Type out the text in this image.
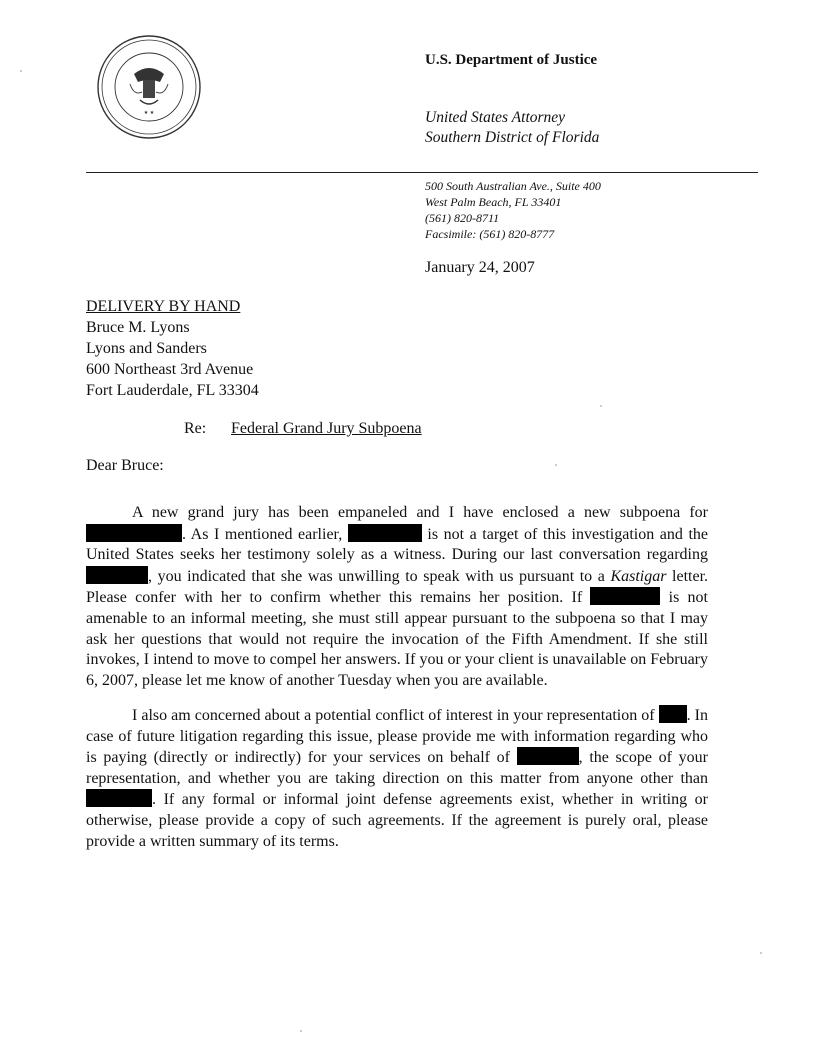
★ ★
U.S. Department of Justice
United States Attorney
Southern District of Florida
500 South Australian Ave., Suite 400
West Palm Beach, FL 33401
(561) 820-8711
Facsimile: (561) 820-8777
January 24, 2007
DELIVERY BY HAND
Bruce M. Lyons
Lyons and Sanders
600 Northeast 3rd Avenue
Fort Lauderdale, FL 33304
Re: Federal Grand Jury Subpoena
Dear Bruce:
A new grand jury has been empaneled and I have enclosed a new subpoena for . As I mentioned earlier,	is not a target of this investigation and the United States seeks her testimony solely as a witness. During our last conversation regarding , you indicated that she was unwilling to speak with us pursuant to a Kastigar letter. Please confer with her to confirm whether this remains her position. If	is not amenable to an informal meeting, she must still appear pursuant to the subpoena so that I may ask her questions that would not require the invocation of the Fifth Amendment. If she still invokes, I intend to move to compel her answers. If you or your client is unavailable on February 6, 2007, please let me know of another Tuesday when you are available.
I also am concerned about a potential conflict of interest in your representation of . In case of future litigation regarding this issue, please provide me with information regarding who is paying (directly or indirectly) for your services on behalf of	, the scope of your representation, and whether you are taking direction on this matter from anyone other than . If any formal or informal joint defense agreements exist, whether in writing or otherwise, please provide a copy of such agreements. If the agreement is purely oral, please provide a written summary of its terms.
